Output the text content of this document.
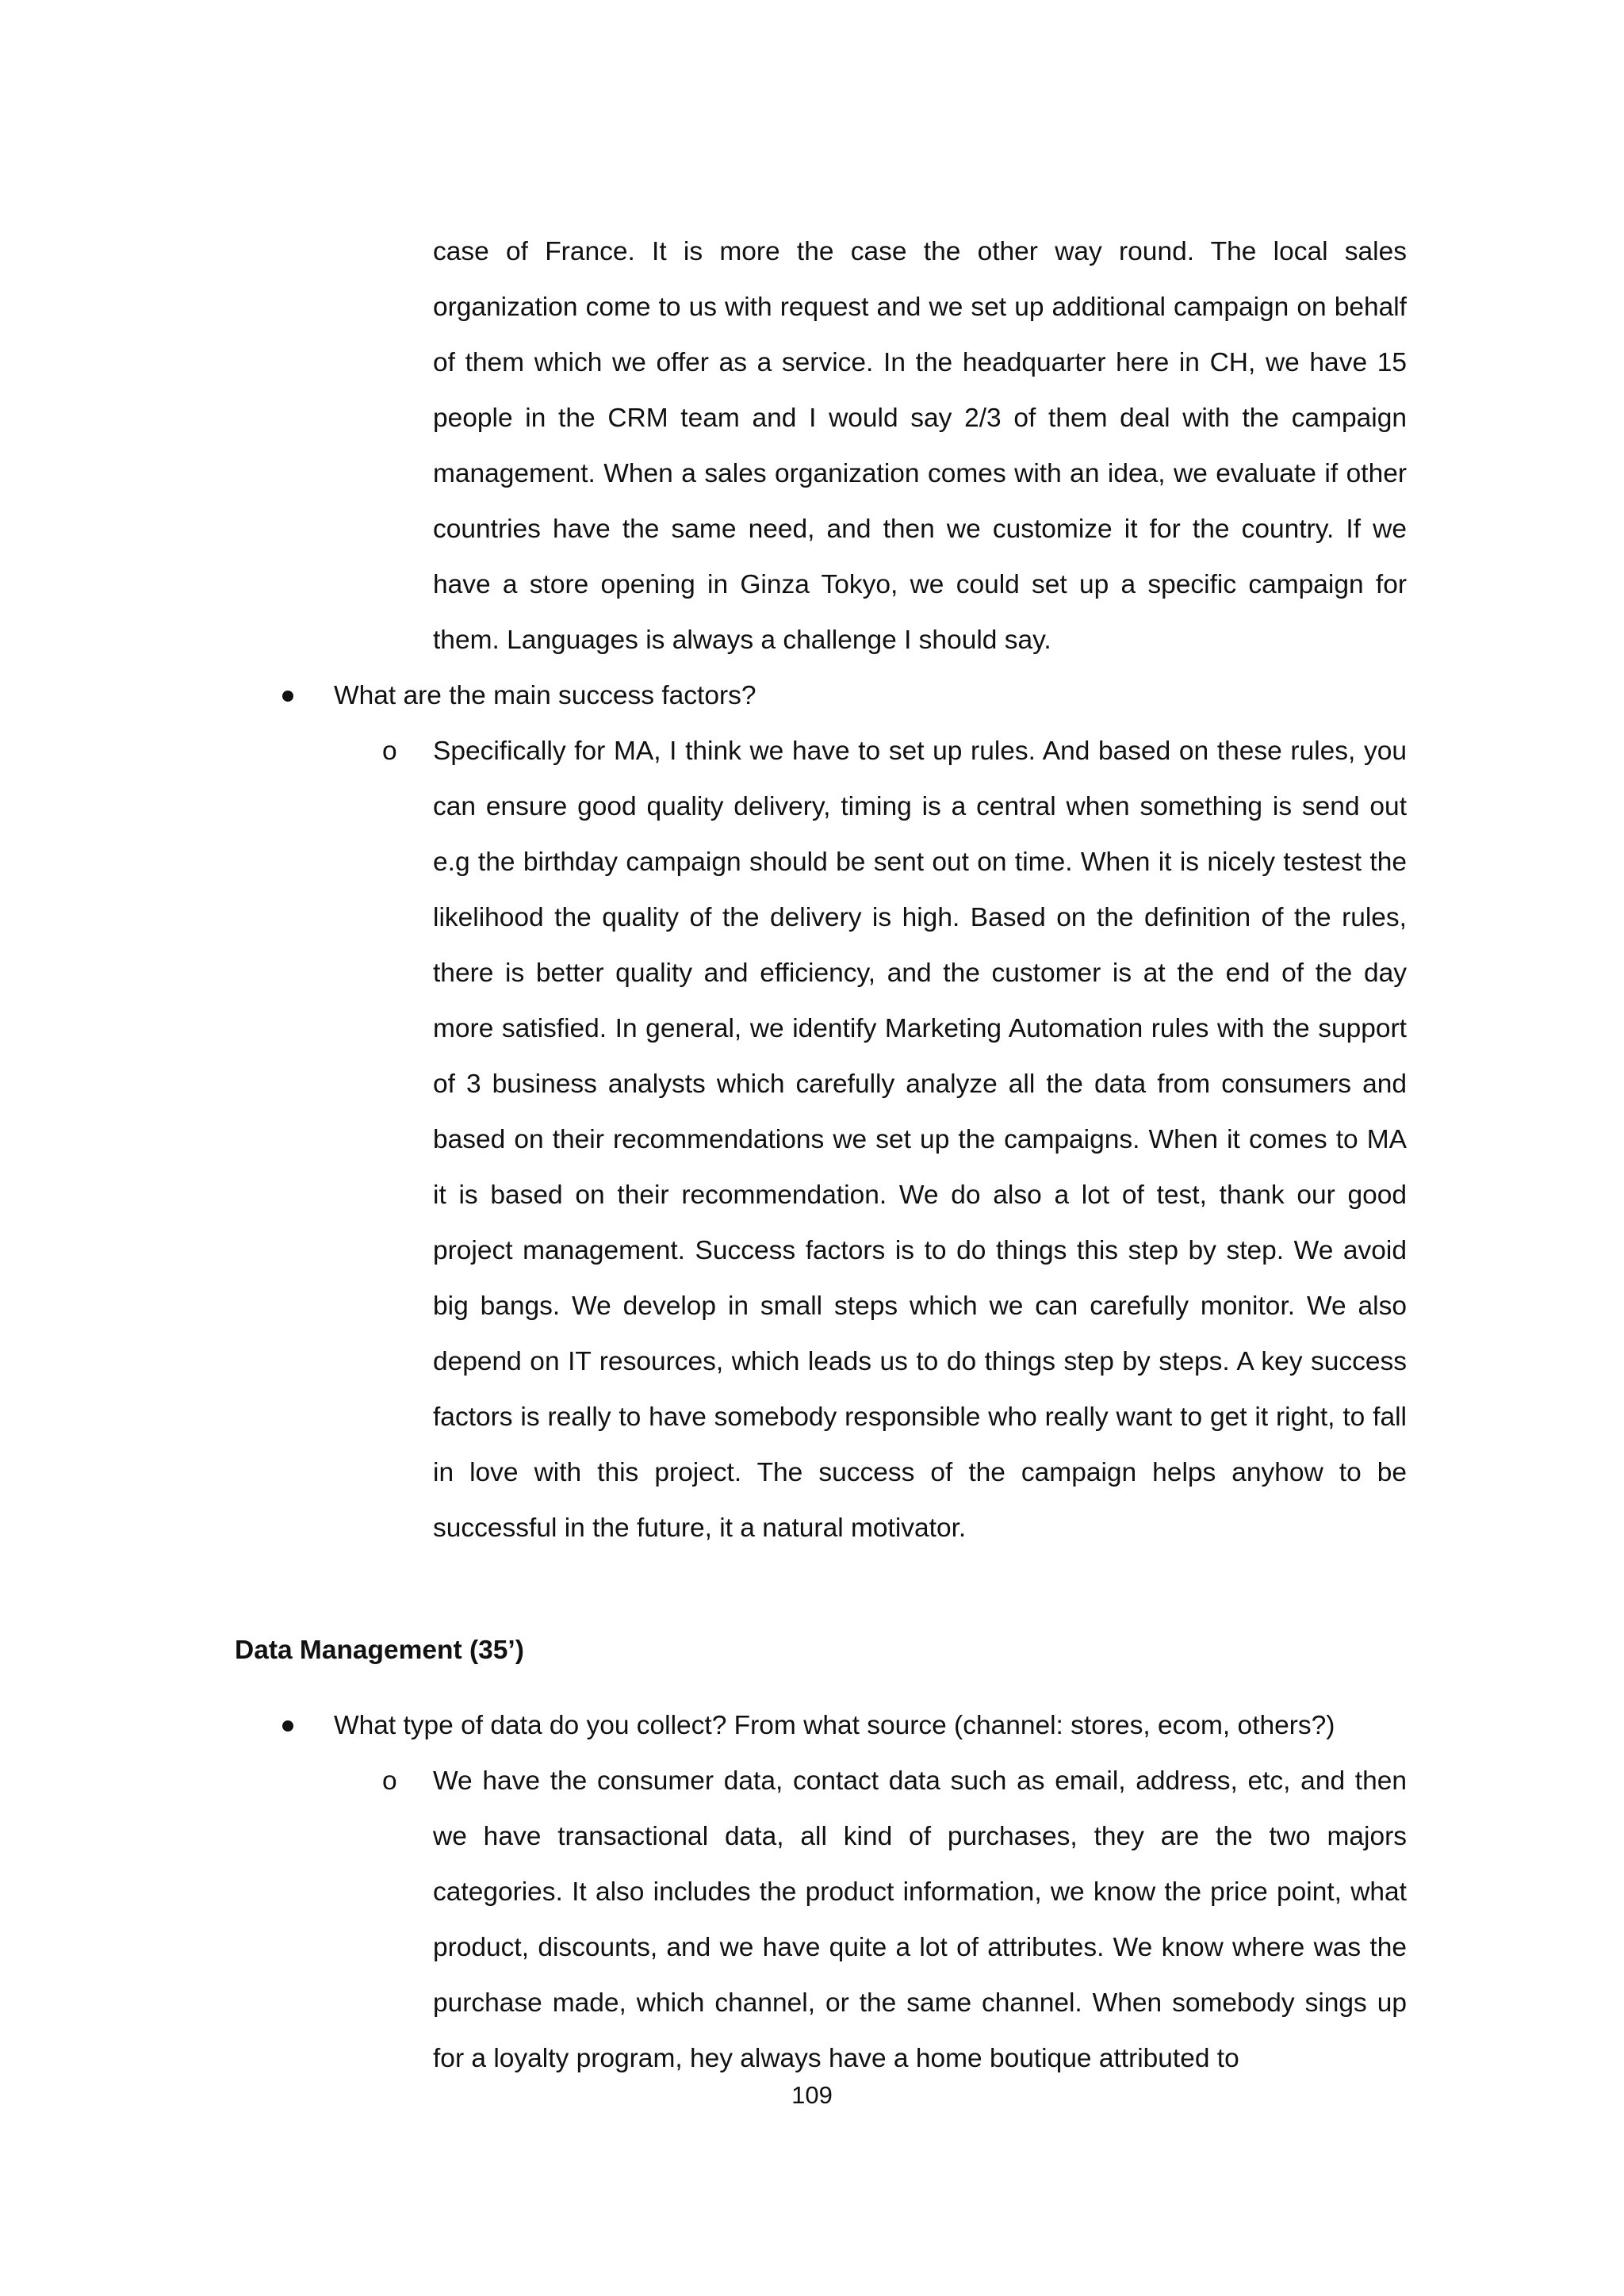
case of France. It is more the case the other way round. The local sales organization come to us with request and we set up additional campaign on behalf of them which we offer as a service. In the headquarter here in CH, we have 15 people in the CRM team and I would say 2/3 of them deal with the campaign management. When a sales organization comes with an idea, we evaluate if other countries have the same need, and then we customize it for the country. If we have a store opening in Ginza Tokyo, we could set up a specific campaign for them. Languages is always a challenge I should say.

What are the main success factors?

o Specifically for MA, I think we have to set up rules. And based on these rules, you can ensure good quality delivery, timing is a central when something is send out e.g the birthday campaign should be sent out on time. When it is nicely testest the likelihood the quality of the delivery is high. Based on the definition of the rules, there is better quality and efficiency, and the customer is at the end of the day more satisfied. In general, we identify Marketing Automation rules with the support of 3 business analysts which carefully analyze all the data from consumers and based on their recommendations we set up the campaigns. When it comes to MA it is based on their recommendation. We do also a lot of test, thank our good project management. Success factors is to do things this step by step. We avoid big bangs. We develop in small steps which we can carefully monitor. We also depend on IT resources, which leads us to do things step by steps. A key success factors is really to have somebody responsible who really want to get it right, to fall in love with this project. The success of the campaign helps anyhow to be successful in the future, it a natural motivator.

Data Management (35’)

What type of data do you collect? From what source (channel: stores, ecom, others?)

o We have the consumer data, contact data such as email, address, etc, and then we have transactional data, all kind of purchases, they are the two majors categories. It also includes the product information, we know the price point, what product, discounts, and we have quite a lot of attributes. We know where was the purchase made, which channel, or the same channel. When somebody sings up for a loyalty program, hey always have a home boutique attributed to

109
